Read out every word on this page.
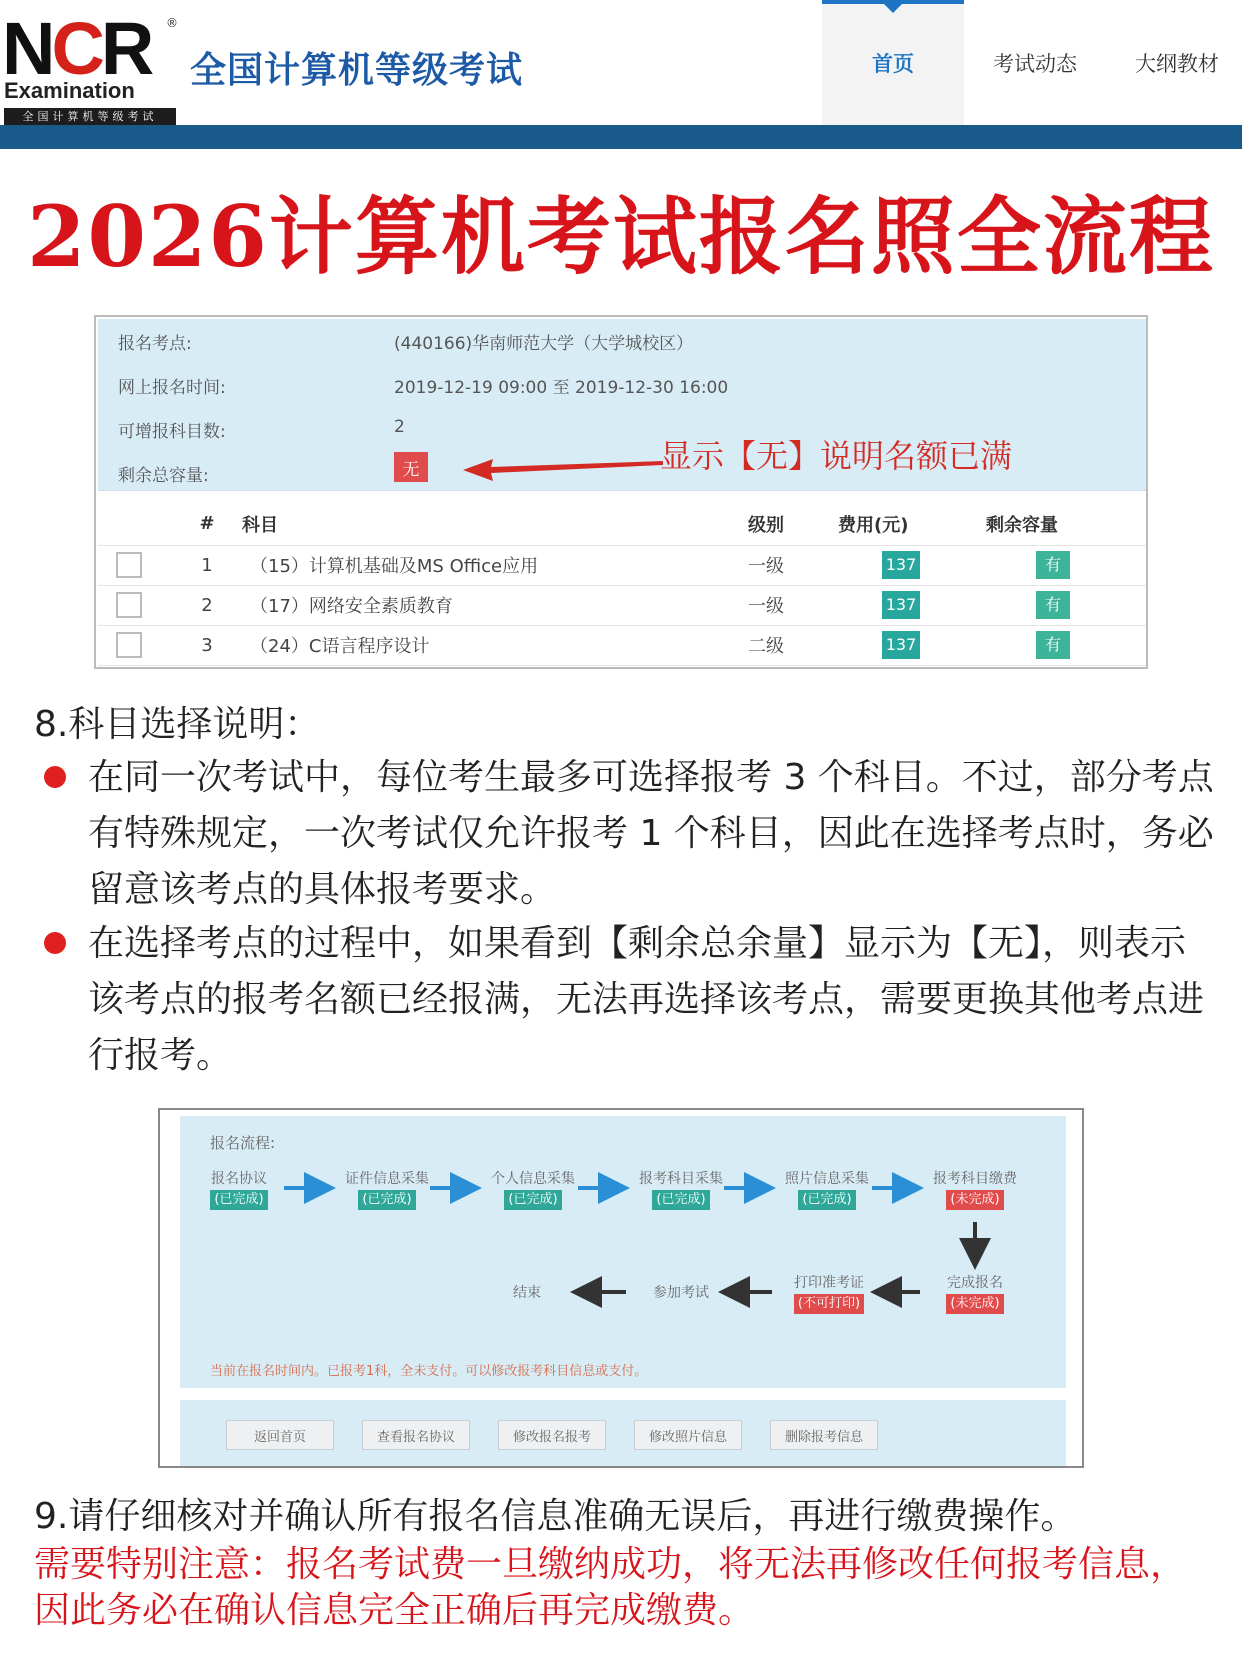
NCR ®
Examination
全国计算机等级考试
全国计算机等级考试	首页	考试动态	大纲教材
2026计算机考试报名照全流程
报名考点:	(440166)华南师范大学（大学城校区）
网上报名时间:	2019-12-19 09:00 至 2019-12-30 16:00
可增报科目数:	2
剩余总容量:	无	显示【无】说明名额已满
	#	科目	级别	费用(元)	剩余容量
	1	（15）计算机基础及MS Office应用	一级	137	有
	2	（17）网络安全素质教育	一级	137	有
	3	（24）C语言程序设计	二级	137	有
8.科目选择说明：

在同一次考试中，每位考生最多可选择报考 3 个科目。不过，部分考点有特殊规定，一次考试仅允许报考 1 个科目，因此在选择考点时，务必留意该考点的具体报考要求。

在选择考点的过程中，如果看到【剩余总余量】显示为【无】，则表示该考点的报考名额已经报满，无法再选择该考点，需要更换其他考点进行报考。

报名流程:
报名协议
(已完成)
证件信息采集
(已完成)
个人信息采集
(已完成)
报考科目采集
(已完成)
照片信息采集
(已完成)
报考科目缴费
(未完成)
完成报名
(未完成)
打印准考证
(不可打印)
参加考试
结束
当前在报名时间内。已报考1科，全未支付。可以修改报考科目信息或支付。
返回首页	查看报名协议	修改报名报考	修改照片信息	删除报考信息
9.请仔细核对并确认所有报名信息准确无误后，再进行缴费操作。
需要特别注意：报名考试费一旦缴纳成功，将无法再修改任何报考信息，因此务必在确认信息完全正确后再完成缴费。
